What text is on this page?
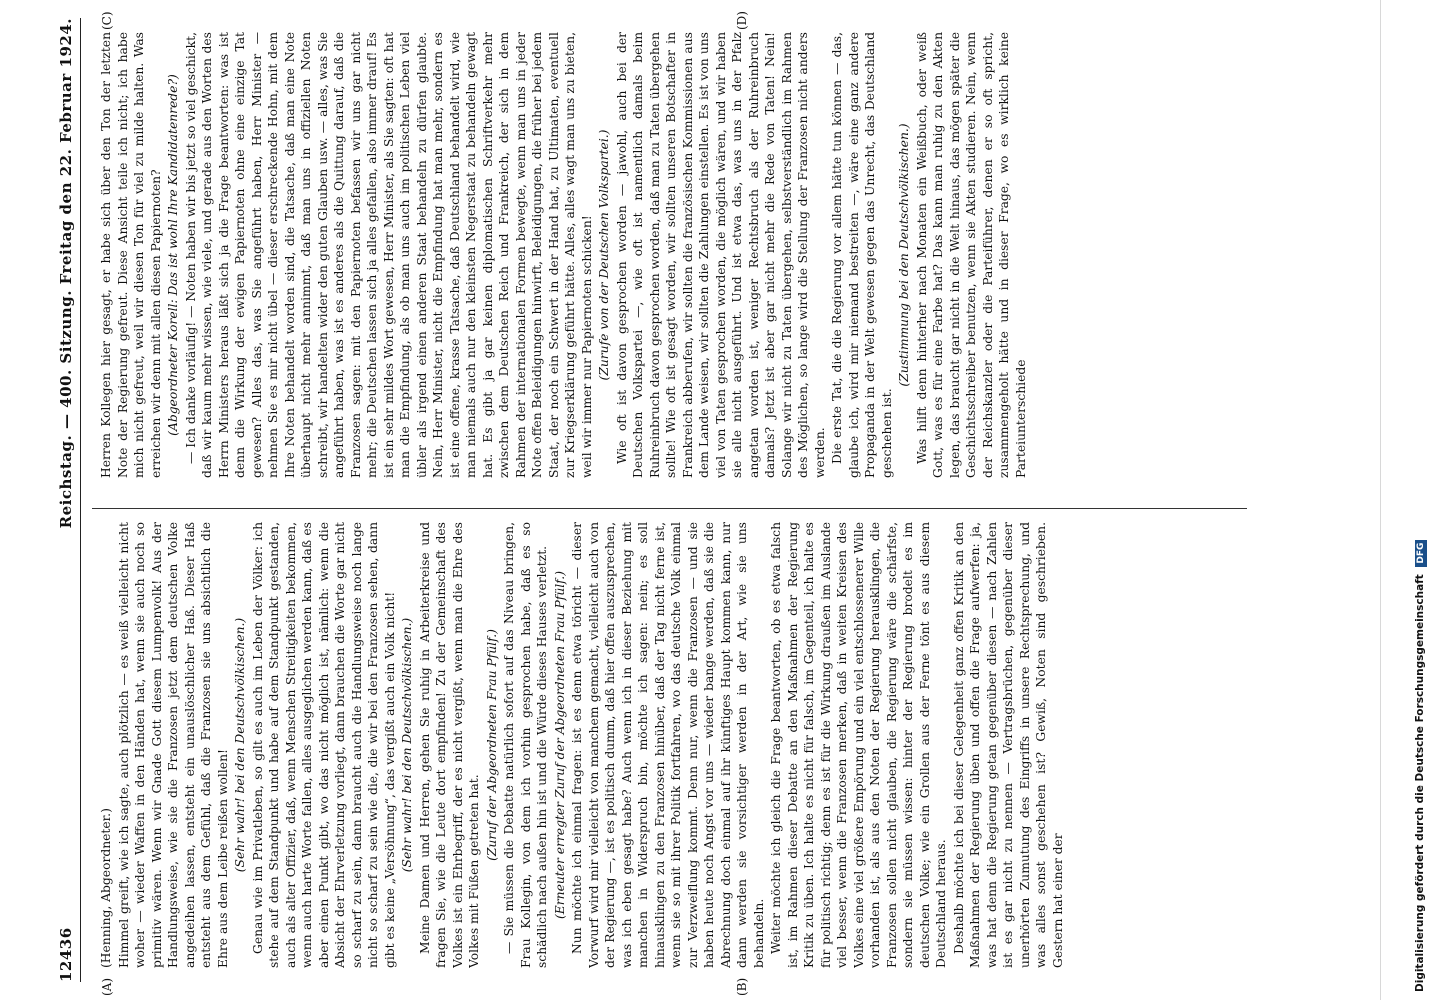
12436
Reichstag. — 400. Sitzung. Freitag den 22. Februar 1924.
(A)	(B)
(C)	(D)

(Henning, Abgeordneter.) Himmel greift, wie ich sagte, auch plötzlich — es weiß vielleicht nicht woher — wieder Waffen in den Händen hat, wenn sie auch noch so primitiv wären. Wenn wir Gnade Gott diesem Lumpenvolk! Aus der Handlungsweise, wie sie die Franzosen jetzt dem deutschen Volke angedeihen lassen, entsteht ein unauslöschlicher Haß. Dieser Haß entsteht aus dem Gefühl, daß die Franzosen sie uns absichtlich die Ehre aus dem Leibe reißen wollen! (Sehr wahr! bei den Deutschvölkischen.) Genau wie im Privatleben, so gilt es auch im Leben der Völker: ich stehe auf dem Standpunkt und habe auf dem Standpunkt gestanden, auch als alter Offizier, daß, wenn Menschen Streitigkeiten bekommen, wenn auch harte Worte fallen, alles ausgeglichen werden kann, daß es aber einen Punkt gibt, wo das nicht möglich ist, nämlich: wenn die Absicht der Ehrverletzung vorliegt, dann brauchen die Worte gar nicht so scharf zu sein, dann braucht auch die Handlungsweise noch lange nicht so scharf zu sein wie die, die wir bei den Franzosen sehen, dann gibt es keine „Versöhnung“, das vergißt auch ein Volk nicht! (Sehr wahr! bei den Deutschvölkischen.) Meine Damen und Herren, gehen Sie ruhig in Arbeiterkreise und fragen Sie, wie die Leute dort empfinden! Zu der Gemeinschaft des Volkes ist ein Ehrbegriff, der es nicht vergißt, wenn man die Ehre des Volkes mit Füßen getreten hat.

(Zuruf der Abgeordneten Frau Pfülf.) — Sie müssen die Debatte natürlich sofort auf das Niveau bringen, Frau Kollegin, von dem ich vorhin gesprochen habe, daß es so schädlich nach außen hin ist und die Würde dieses Hauses verletzt. (Erneuter erregter Zuruf der Abgeordneten Frau Pfülf.) Nun möchte ich einmal fragen: ist es denn etwa töricht — dieser Vorwurf wird mir vielleicht von manchem gemacht, vielleicht auch von der Regierung —, ist es politisch dumm, daß hier offen auszusprechen, was ich eben gesagt habe? Auch wenn ich in dieser Beziehung mit manchen in Widerspruch bin, möchte ich sagen: nein; es soll hinausklingen zu den Franzosen hinüber, daß der Tag nicht ferne ist, wenn sie so mit ihrer Politik fortfahren, wo das deutsche Volk einmal zur Verzweiflung kommt. Denn nur, wenn die Franzosen — und sie haben heute noch Angst vor uns — wieder bange werden, daß sie die Abrechnung doch einmal auf ihr künftiges Haupt kommen kann, nur dann werden sie vorsichtiger werden in der Art, wie sie uns behandeln. Weiter möchte ich gleich die Frage beantworten, ob es etwa falsch ist, im Rahmen dieser Debatte an den Maßnahmen der Regierung Kritik zu üben. Ich halte es nicht für falsch, im Gegenteil, ich halte es für politisch richtig; denn es ist für die Wirkung draußen im Auslande viel besser, wenn die Franzosen merken, daß in weiten Kreisen des Volkes eine viel größere Empörung und ein viel entschlossenerer Wille vorhanden ist, als aus den Noten der Regierung herausklingen, die Franzosen sollen nicht glauben, die Regierung wäre die schärfste, sondern sie müssen wissen: hinter der Regierung brodelt es im deutschen Volke; wie ein Grollen aus der Ferne tönt es aus diesem Deutschland heraus. Deshalb möchte ich bei dieser Gelegenheit ganz offen Kritik an den Maßnahmen der Regierung üben und offen die Frage aufwerfen: ja, was hat denn die Regierung getan gegenüber diesen — nach Zahlen ist es gar nicht zu nennen — Vertragsbrüchen, gegenüber dieser unerhörten Zumutung des Eingriffs in unsere Rechtsprechung, und was alles sonst geschehen ist? Gewiß, Noten sind geschrieben. Gestern hat einer der

Herren Kollegen hier gesagt, er habe sich über den Ton der letzten Note der Regierung gefreut. Diese Ansicht teile ich nicht; ich habe mich nicht gefreut, weil wir diesen Ton für viel zu milde halten. Was erreichen wir denn mit allen diesen Papiernoten? (Abgeordneter Korell: Das ist wohl Ihre Kandidatenrede?) — Ich danke vorläufig! — Noten haben wir bis jetzt so viel geschickt, daß wir kaum mehr wissen, wie viele, und gerade aus den Worten des Herrn Ministers heraus läßt sich ja die Frage beantworten: was ist denn die Wirkung der ewigen Papiernoten ohne eine einzige Tat gewesen? Alles das, was Sie angeführt haben, Herr Minister — nehmen Sie es mir nicht übel — dieser erschreckende Hohn, mit dem Ihre Noten behandelt worden sind, die Tatsache, daß man eine Note überhaupt nicht mehr annimmt, daß man uns in offiziellen Noten schreibt, wir handelten wider den guten Glauben usw. — alles, was Sie angeführt haben, was ist es anderes als die Quittung darauf, daß die Franzosen sagen: mit den Papiernoten befassen wir uns gar nicht mehr; die Deutschen lassen sich ja alles gefallen, also immer drauf! Es ist ein sehr mildes Wort gewesen, Herr Minister, als Sie sagten: oft hat man die Empfindung, als ob man uns auch im politischen Leben viel übler als irgend einen anderen Staat behandeln zu dürfen glaubte. Nein, Herr Minister, nicht die Empfindung hat man mehr, sondern es ist eine offene, krasse Tatsache, daß Deutschland behandelt wird, wie man niemals auch nur den kleinsten Negerstaat zu behandeln gewagt hat. Es gibt ja gar keinen diplomatischen Schriftverkehr mehr zwischen dem Deutschen Reich und Frankreich, der sich in dem Rahmen der internationalen Formen bewegte, wenn man uns in jeder Note offen Beleidigungen hinwirft, Beleidigungen, die früher bei jedem Staat, der noch ein Schwert in der Hand hat, zu Ultimaten, eventuell zur Kriegserklärung geführt hätte. Alles, alles wagt man uns zu bieten, weil wir immer nur Papiernoten schicken! (Zurufe von der Deutschen Volkspartei.) Wie oft ist davon gesprochen worden — jawohl, auch bei der Deutschen Volkspartei —, wie oft ist namentlich damals beim Ruhreinbruch davon gesprochen worden, daß man zu Taten übergehen sollte! Wie oft ist gesagt worden, wir sollten unseren Botschafter in Frankreich abberufen, wir sollten die französischen Kommissionen aus dem Lande weisen, wir sollten die Zahlungen einstellen. Es ist von uns viel von Taten gesprochen worden, die möglich wären, und wir haben sie alle nicht ausgeführt. Und ist etwa das, was uns in der Pfalz angetan worden ist, weniger Rechtsbruch als der Ruhreinbruch damals? Jetzt ist aber gar nicht mehr die Rede von Taten! Nein! Solange wir nicht zu Taten übergehen, selbstverständlich im Rahmen des Möglichen, so lange wird die Stellung der Franzosen nicht anders werden. Die erste Tat, die die Regierung vor allem hätte tun können — das, glaube ich, wird mir niemand bestreiten —, wäre eine ganz andere Propaganda in der Welt gewesen gegen das Unrecht, das Deutschland geschehen ist.

(Zustimmung bei den Deutschvölkischen.) Was hilft denn hinterher nach Monaten ein Weißbuch, oder weiß Gott, was es für eine Farbe hat? Das kann man ruhig zu den Akten legen, das braucht gar nicht in die Welt hinaus, das mögen später die Geschichtsschreiber benutzen, wenn sie Akten studieren. Nein, wenn der Reichskanzler oder die Parteiführer, denen er so oft spricht, zusammengeholt hätte und in dieser Frage, wo es wirklich keine Parteiunterschiede

Digitalisierung gefördert durch die Deutsche Forschungsgemeinschaft DFG
